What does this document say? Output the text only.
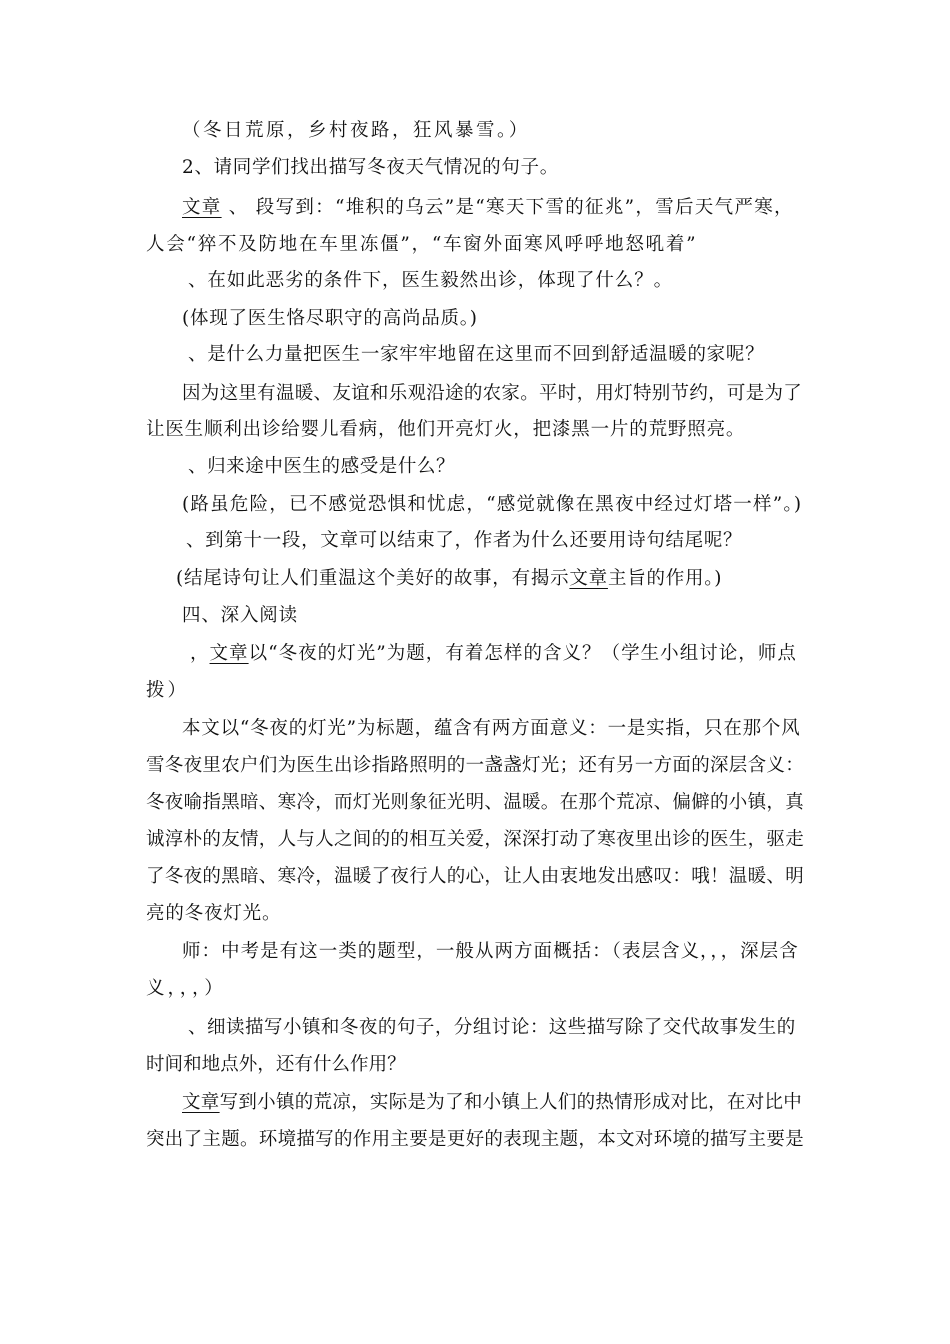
（冬日荒原，乡村夜路，狂风暴雪。）
2、请同学们找出描写冬夜天气情况的句子。
文章 、 段写到：“堆积的乌云”是“寒天下雪的征兆”，雪后天气严寒，
人会“猝不及防地在车里冻僵”，“车窗外面寒风呼呼地怒吼着”
、在如此恶劣的条件下，医生毅然出诊，体现了什么？。
(体现了医生恪尽职守的高尚品质。)
、是什么力量把医生一家牢牢地留在这里而不回到舒适温暖的家呢？
因为这里有温暖、友谊和乐观沿途的农家。平时，用灯特别节约，可是为了
让医生顺利出诊给婴儿看病，他们开亮灯火，把漆黑一片的荒野照亮。
、归来途中医生的感受是什么？
(路虽危险，已不感觉恐惧和忧虑，“感觉就像在黑夜中经过灯塔一样”。)
、到第十一段，文章可以结束了，作者为什么还要用诗句结尾呢？
(结尾诗句让人们重温这个美好的故事，有揭示文章主旨的作用。)
四、深入阅读
，文章以“冬夜的灯光”为题，有着怎样的含义？（学生小组讨论，师点
拨）
本文以“冬夜的灯光”为标题，蕴含有两方面意义：一是实指，只在那个风
雪冬夜里农户们为医生出诊指路照明的一盏盏灯光；还有另一方面的深层含义：
冬夜喻指黑暗、寒冷，而灯光则象征光明、温暖。在那个荒凉、偏僻的小镇，真
诚淳朴的友情，人与人之间的的相互关爱，深深打动了寒夜里出诊的医生，驱走
了冬夜的黑暗、寒冷，温暖了夜行人的心，让人由衷地发出感叹：哦！温暖、明
亮的冬夜灯光。
师：中考是有这一类的题型，一般从两方面概括：（表层含义，，，深层含
义，，，）
、细读描写小镇和冬夜的句子，分组讨论：这些描写除了交代故事发生的
时间和地点外，还有什么作用？
文章写到小镇的荒凉，实际是为了和小镇上人们的热情形成对比，在对比中
突出了主题。环境描写的作用主要是更好的表现主题，本文对环境的描写主要是
